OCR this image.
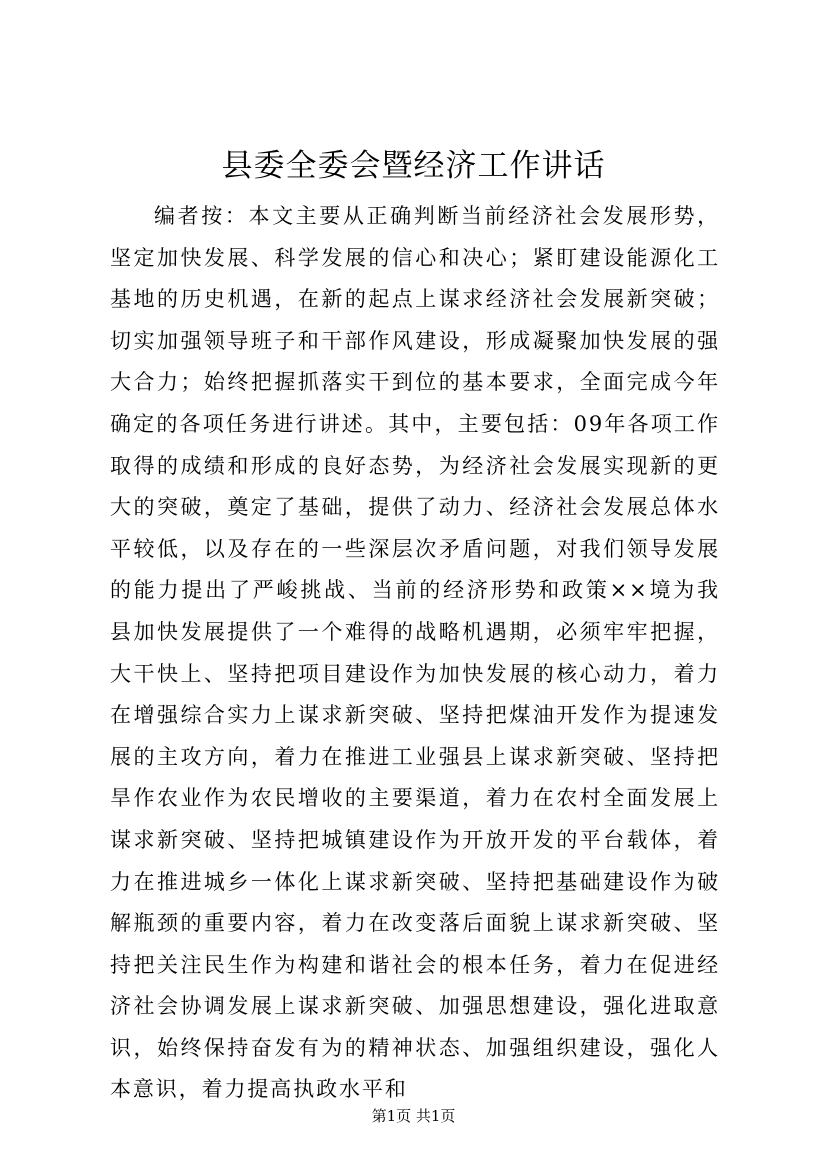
县委全委会暨经济工作讲话

编者按：本文主要从正确判断当前经济社会发展形势，坚定加快发展、科学发展的信心和决心；紧盯建设能源化工基地的历史机遇，在新的起点上谋求经济社会发展新突破；切实加强领导班子和干部作风建设，形成凝聚加快发展的强大合力；始终把握抓落实干到位的基本要求，全面完成今年确定的各项任务进行讲述。其中，主要包括：09年各项工作取得的成绩和形成的良好态势，为经济社会发展实现新的更大的突破，奠定了基础，提供了动力、经济社会发展总体水平较低，以及存在的一些深层次矛盾问题，对我们领导发展的能力提出了严峻挑战、当前的经济形势和政策××境为我县加快发展提供了一个难得的战略机遇期，必须牢牢把握，大干快上、坚持把项目建设作为加快发展的核心动力，着力在增强综合实力上谋求新突破、坚持把煤油开发作为提速发展的主攻方向，着力在推进工业强县上谋求新突破、坚持把旱作农业作为农民增收的主要渠道，着力在农村全面发展上谋求新突破、坚持把城镇建设作为开放开发的平台载体，着力在推进城乡一体化上谋求新突破、坚持把基础建设作为破解瓶颈的重要内容，着力在改变落后面貌上谋求新突破、坚持把关注民生作为构建和谐社会的根本任务，着力在促进经济社会协调发展上谋求新突破、加强思想建设，强化进取意识，始终保持奋发有为的精神状态、加强组织建设，强化人本意识，着力提高执政水平和

第1页 共1页
